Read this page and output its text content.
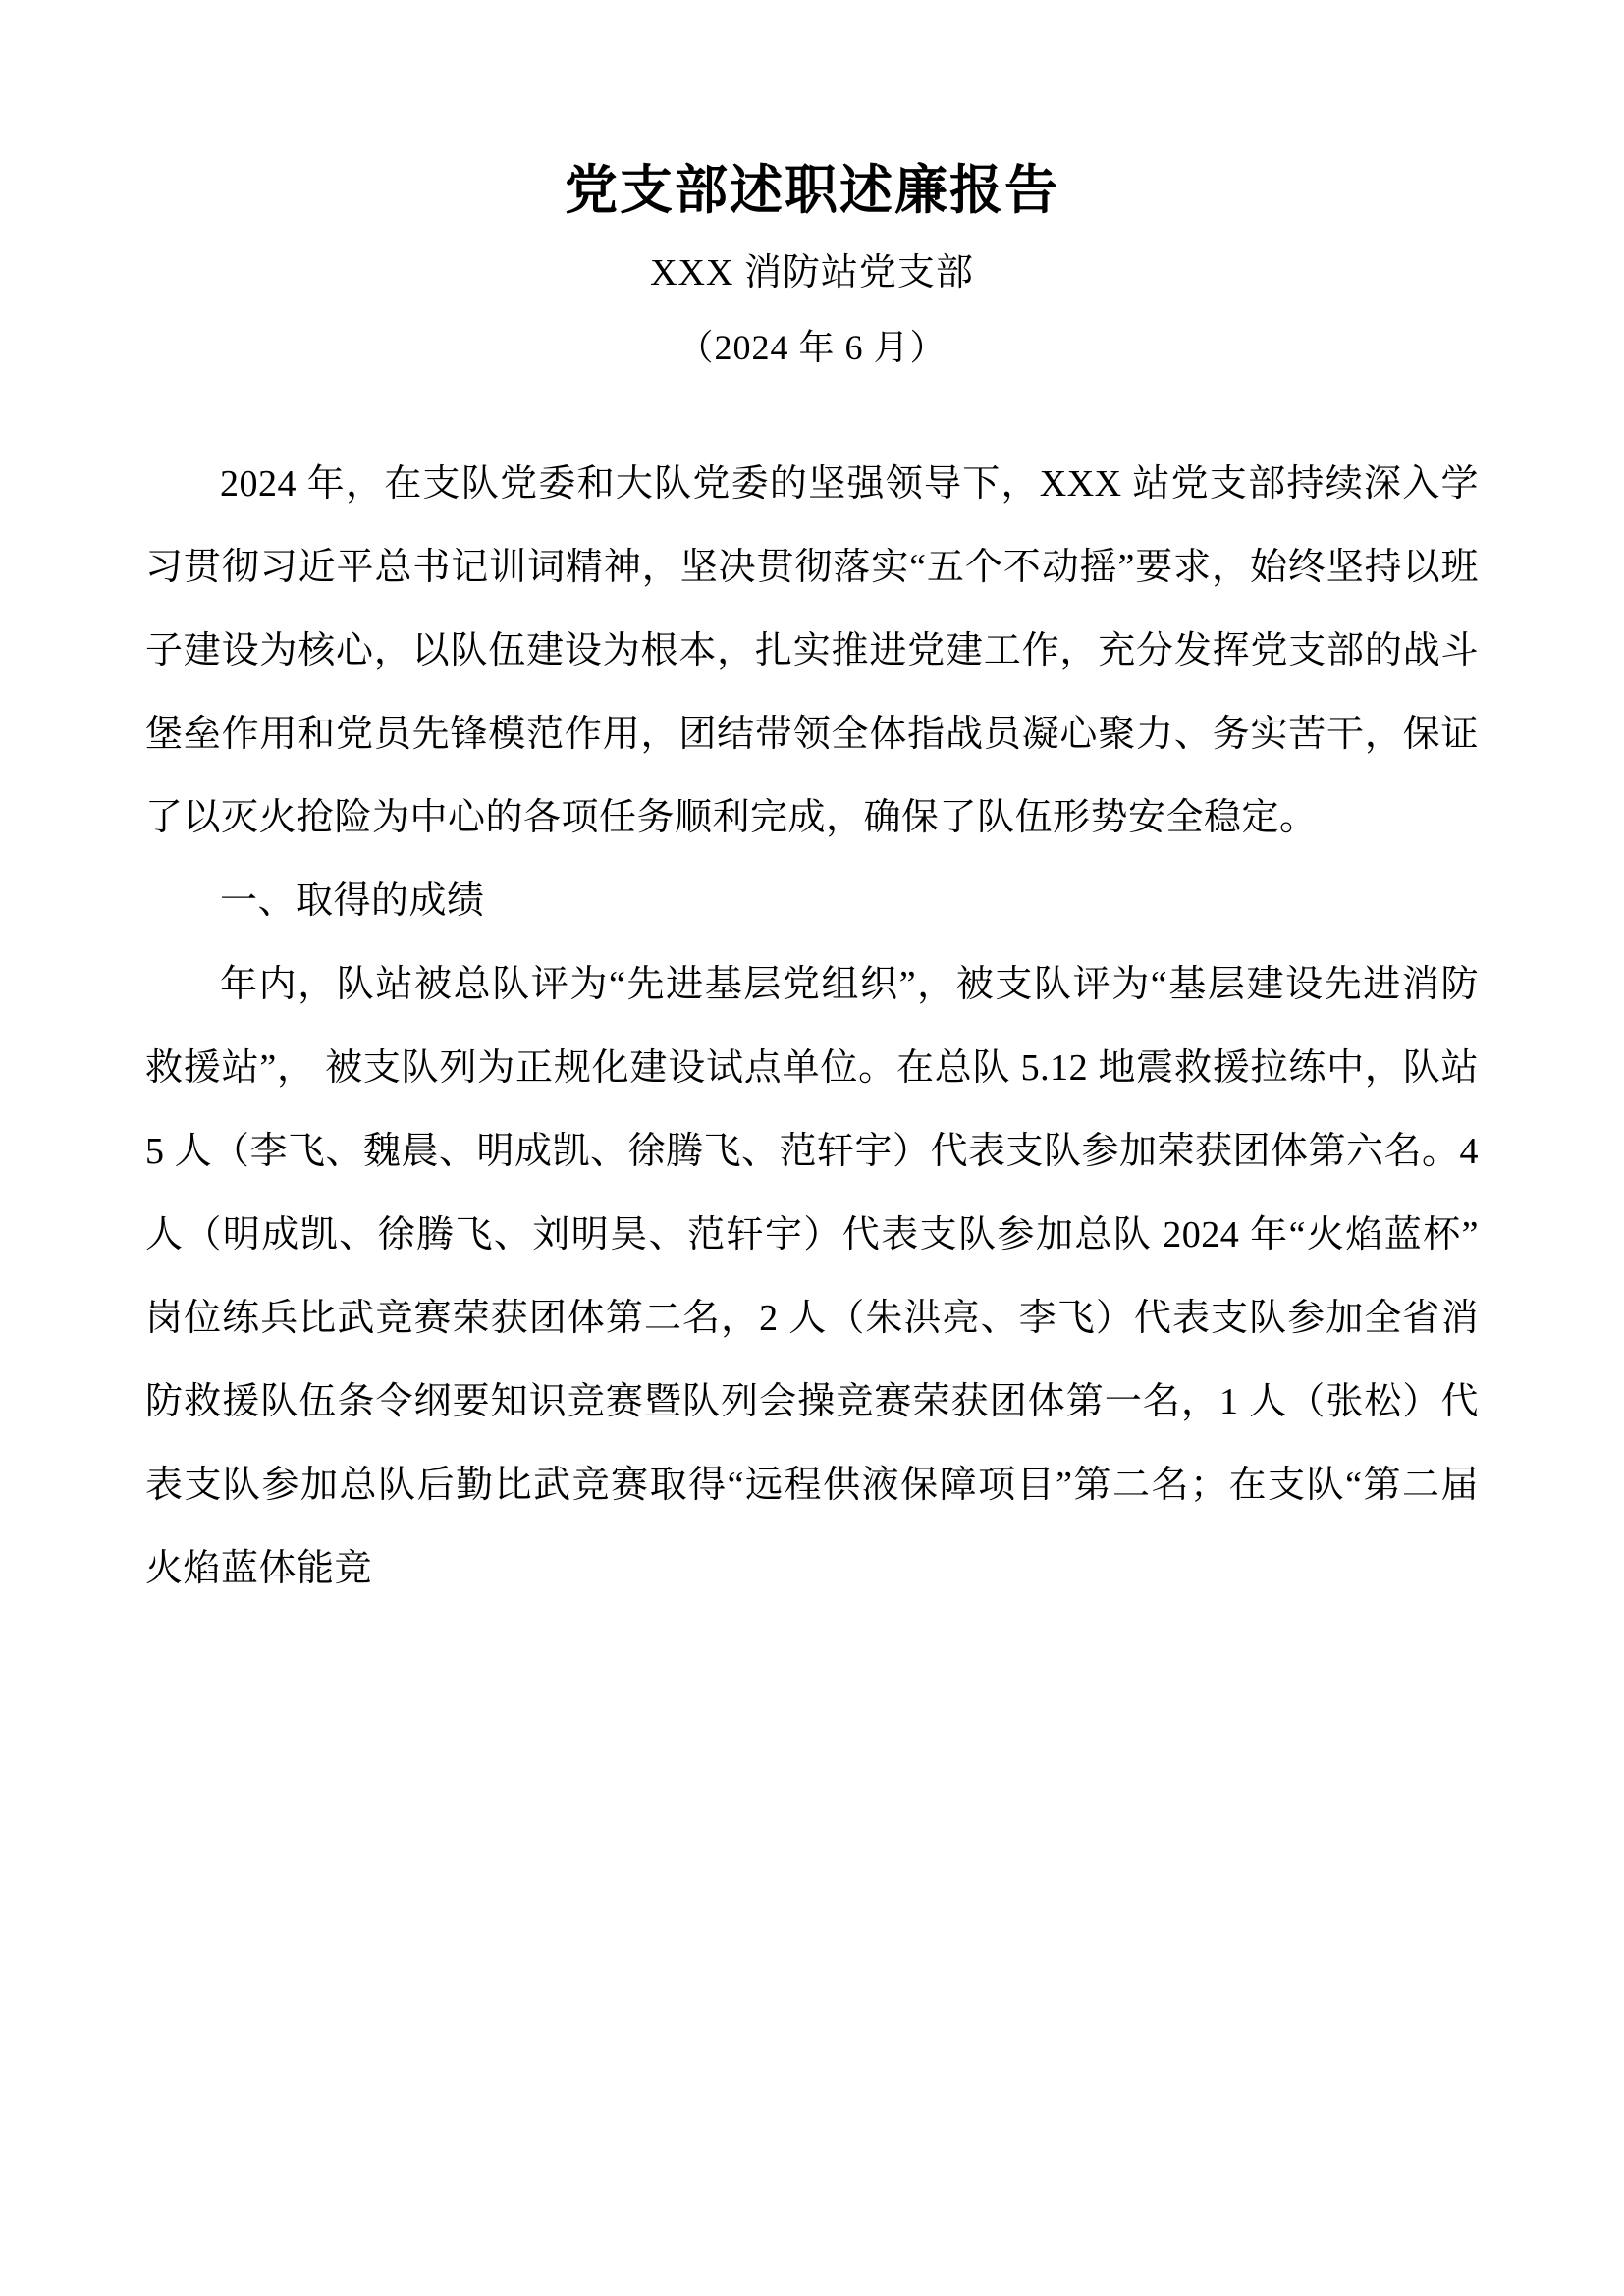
党支部述职述廉报告
XXX 消防站党支部
（2024 年 6 月）

2024 年，在支队党委和大队党委的坚强领导下，XXX 站党支部持续深入学习贯彻习近平总书记训词精神，坚决贯彻落实“五个不动摇”要求，始终坚持以班子建设为核心，以队伍建设为根本，扎实推进党建工作，充分发挥党支部的战斗堡垒作用和党员先锋模范作用，团结带领全体指战员凝心聚力、务实苦干，保证了以灭火抢险为中心的各项任务顺利完成，确保了队伍形势安全稳定。

一、取得的成绩

年内，队站被总队评为“先进基层党组织”，被支队评为“基层建设先进消防救援站”， 被支队列为正规化建设试点单位。在总队 5.12 地震救援拉练中，队站 5 人（李飞、魏晨、明成凯、徐腾飞、范轩宇）代表支队参加荣获团体第六名。4 人（明成凯、徐腾飞、刘明昊、范轩宇）代表支队参加总队 2024 年“火焰蓝杯”岗位练兵比武竞赛荣获团体第二名，2 人（朱洪亮、李飞）代表支队参加全省消防救援队伍条令纲要知识竞赛暨队列会操竞赛荣获团体第一名，1 人（张松）代表支队参加总队后勤比武竞赛取得“远程供液保障项目”第二名；在支队“第二届火焰蓝体能竞
